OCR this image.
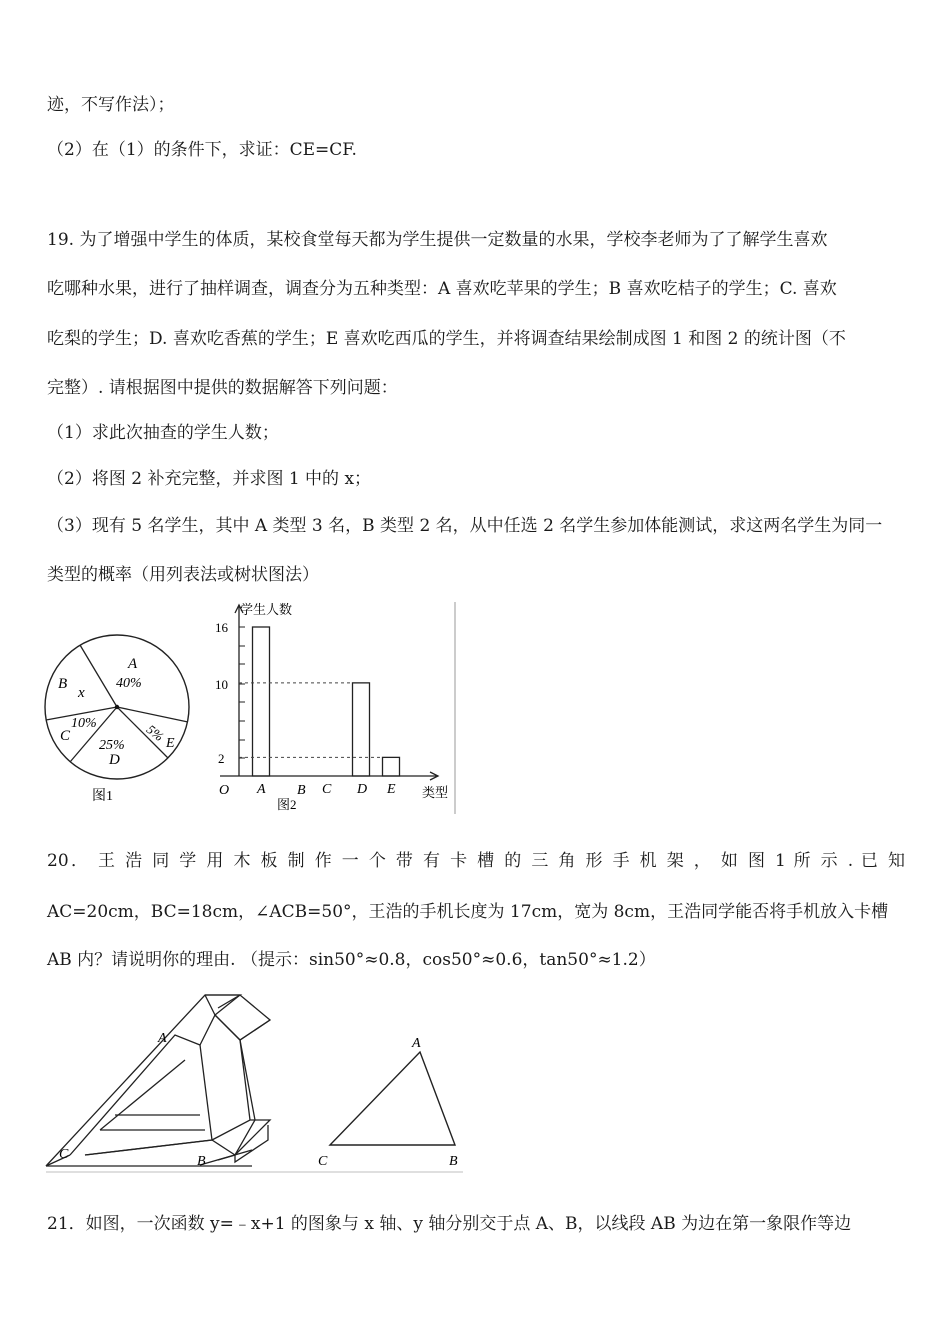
迹，不写作法）；
（2）在（1）的条件下，求证：CE=CF.
19. 为了增强中学生的体质，某校食堂每天都为学生提供一定数量的水果，学校李老师为了了解学生喜欢
吃哪种水果，进行了抽样调查，调查分为五种类型：A 喜欢吃苹果的学生；B 喜欢吃桔子的学生；C. 喜欢
吃梨的学生；D. 喜欢吃香蕉的学生；E 喜欢吃西瓜的学生，并将调查结果绘制成图 1 和图 2 的统计图（不
完整）. 请根据图中提供的数据解答下列问题：
（1）求此次抽查的学生人数；
（2）将图 2 补充完整，并求图 1 中的 x；
（3）现有 5 名学生，其中 A 类型 3 名，B 类型 2 名，从中任选 2 名学生参加体能测试，求这两名学生为同一
类型的概率（用列表法或树状图法）
A
40%
B
x
10%
C
25%
D
5% E
图1
学生人数
16
10
2
O A B C D E 类型
图2
20． 王 浩 同 学 用 木 板 制 作 一 个 带 有 卡 槽 的 三 角 形 手 机 架 ， 如 图 1 所 示 . 已 知
AC=20cm，BC=18cm，∠ACB=50°，王浩的手机长度为 17cm，宽为 8cm，王浩同学能否将手机放入卡槽
AB 内？请说明你的理由. （提示：sin50°≈0.8，cos50°≈0.6，tan50°≈1.2）
A
C	B
A
C	B
21．如图，一次函数 y=﹣x+1 的图象与 x 轴、y 轴分别交于点 A、B，以线段 AB 为边在第一象限作等边
